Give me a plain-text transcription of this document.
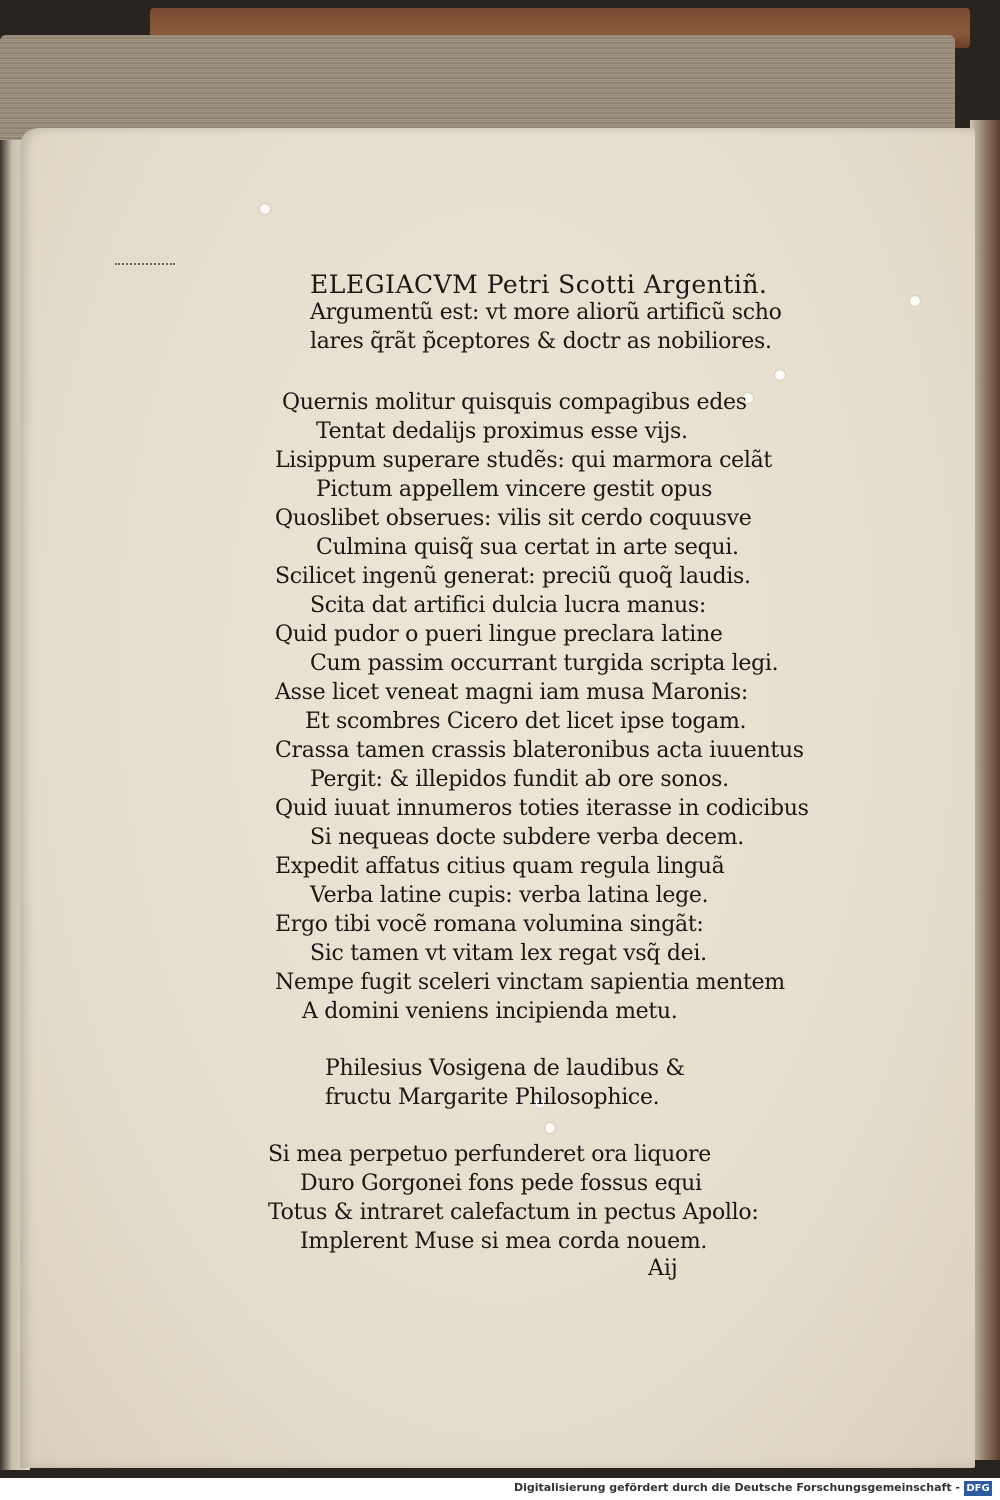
ELEGIACVM Petri Scotti Argentiñ.
Argumentũ est: vt more aliorũ artificũ scho
lares q̃rãt p̃ceptores & doctr as nobiliores.
Quernis molitur quisquis compagibus edes
Tentat dedalijs proximus esse vijs.
Lisippum superare studẽs: qui marmora celãt
Pictum appellem vincere gestit opus
Quoslibet obserues: vilis sit cerdo coquusve
Culmina quisq̃ sua certat in arte sequi.
Scilicet ingenũ generat: preciũ quoq̃ laudis.
Scita dat artifici dulcia lucra manus:
Quid pudor o pueri lingue preclara latine
Cum passim occurrant turgida scripta legi.
Asse licet veneat magni iam musa Maronis:
Et scombres Cicero det licet ipse togam.
Crassa tamen crassis blateronibus acta iuuentus
Pergit: & illepidos fundit ab ore sonos.
Quid iuuat innumeros toties iterasse in codicibus
Si nequeas docte subdere verba decem.
Expedit affatus citius quam regula linguã
Verba latine cupis: verba latina lege.
Ergo tibi vocẽ romana volumina singãt:
Sic tamen vt vitam lex regat vsq̃ dei.
Nempe fugit sceleri vinctam sapientia mentem
A domini veniens incipienda metu.
Philesius Vosigena de laudibus &
fructu Margarite Philosophice.
Si mea perpetuo perfunderet ora liquore
Duro Gorgonei fons pede fossus equi
Totus & intraret calefactum in pectus Apollo:
Implerent Muse si mea corda nouem.
Aij
Digitalisierung gefördert durch die Deutsche Forschungsgemeinschaft - DFG
